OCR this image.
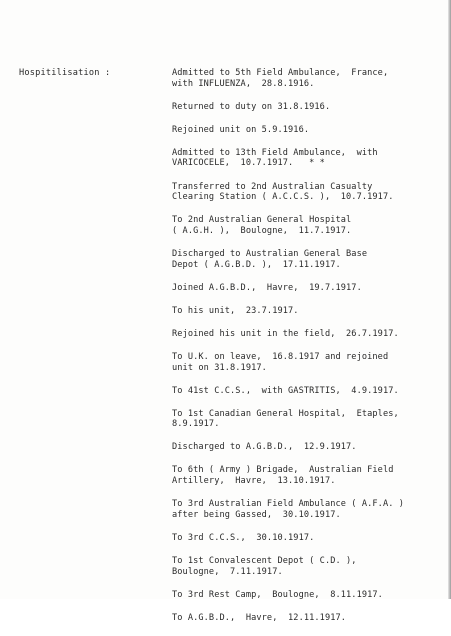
Hospitilisation :	Admitted to 5th Field Ambulance,  France,
with INFLUENZA,  28.8.1916.
Returned to duty on 31.8.1916.
Rejoined unit on 5.9.1916.
Admitted to 13th Field Ambulance,  with
VARICOCELE,  10.7.1917.   * *
Transferred to 2nd Australian Casualty
Clearing Station ( A.C.C.S. ),  10.7.1917.
To 2nd Australian General Hospital
( A.G.H. ),  Boulogne,  11.7.1917.
Discharged to Australian General Base
Depot ( A.G.B.D. ),  17.11.1917.
Joined A.G.B.D.,  Havre,  19.7.1917.
To his unit,  23.7.1917.
Rejoined his unit in the field,  26.7.1917.
To U.K. on leave,  16.8.1917 and rejoined
unit on 31.8.1917.
To 41st C.C.S.,  with GASTRITIS,  4.9.1917.
To 1st Canadian General Hospital,  Etaples,
8.9.1917.
Discharged to A.G.B.D.,  12.9.1917.
To 6th ( Army ) Brigade,  Australian Field
Artillery,  Havre,  13.10.1917.
To 3rd Australian Field Ambulance ( A.F.A. )
after being Gassed,  30.10.1917.
To 3rd C.C.S.,  30.10.1917.
To 1st Convalescent Depot ( C.D. ),
Boulogne,  7.11.1917.
To 3rd Rest Camp,  Boulogne,  8.11.1917.
To A.G.B.D.,  Havre,  12.11.1917.
